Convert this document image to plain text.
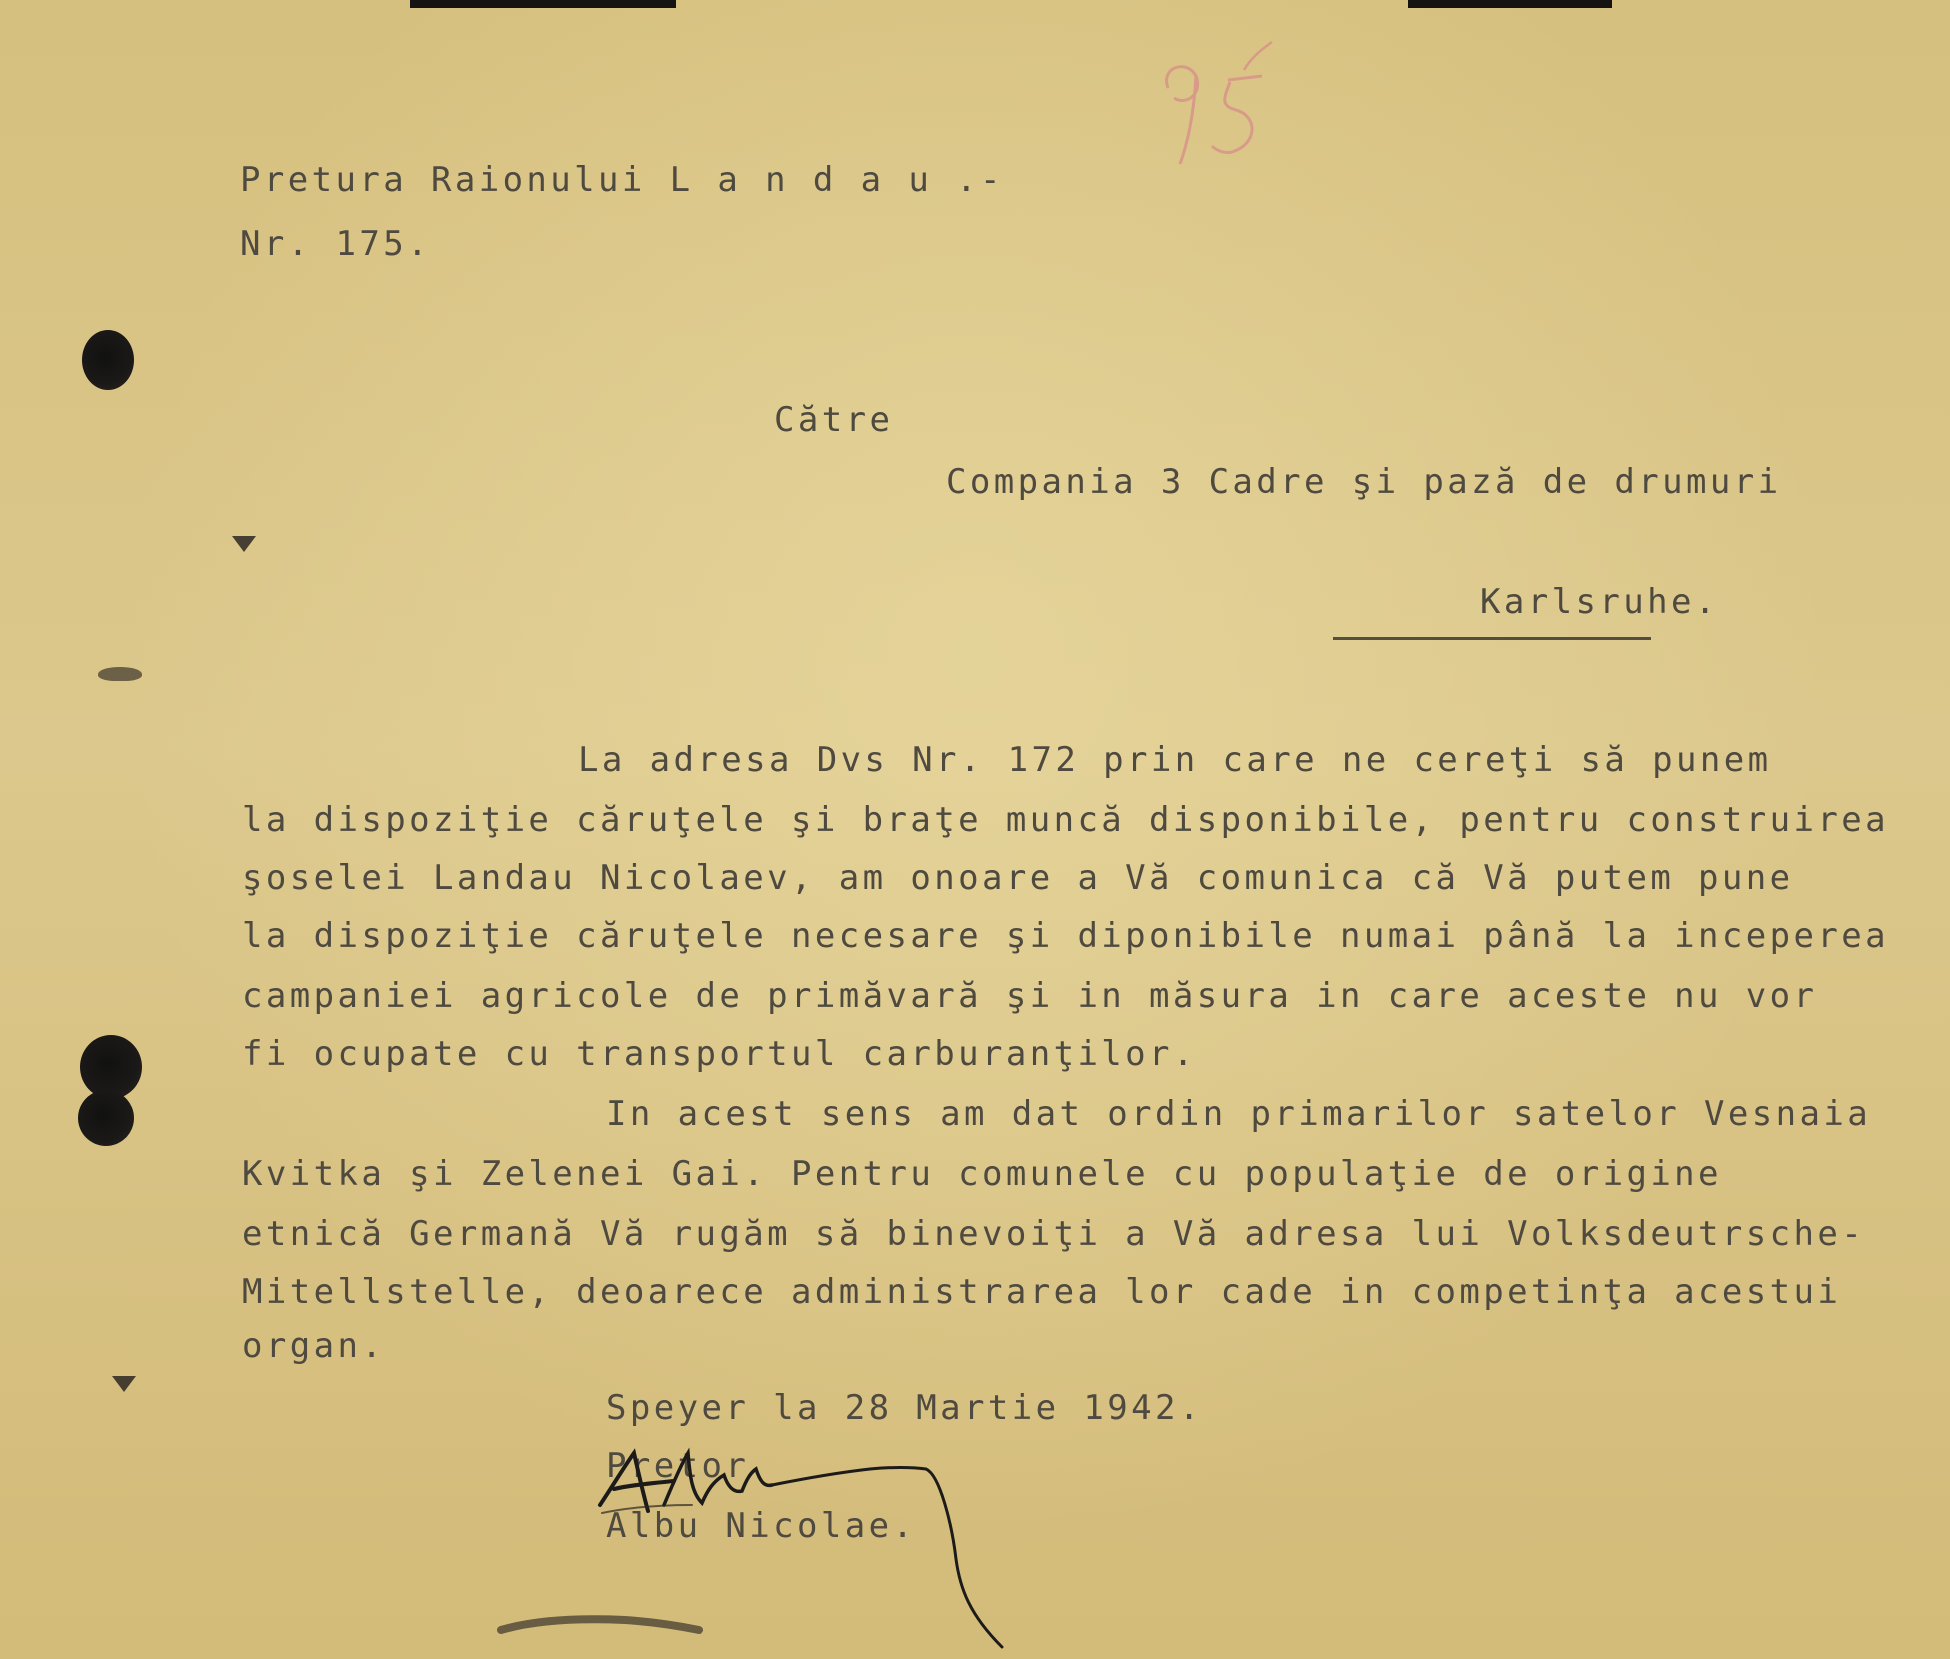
Pretura Raionului L a n d a u .-

Nr. 175.

Către

Compania 3 Cadre şi pază de drumuri

Karlsruhe.

La adresa Dvs Nr. 172 prin care ne cereţi să punem

la dispoziţie căruţele şi braţe muncă disponibile, pentru construirea

şoselei Landau Nicolaev, am onoare a Vă comunica că Vă putem pune

la dispoziţie căruţele necesare şi diponibile numai până la inceperea

campaniei agricole de primăvară şi in măsura in care aceste nu vor

fi ocupate cu transportul carburanţilor.

In acest sens am dat ordin primarilor satelor Vesnaia

Kvitka şi Zelenei Gai. Pentru comunele cu populaţie de origine

etnică Germană Vă rugăm să binevoiţi a Vă adresa lui Volksdeutrsche-

Mitellstelle, deoarece administrarea lor cade in competinţa acestui

organ.

Speyer la 28 Martie 1942.

Pretor

Albu Nicolae.
